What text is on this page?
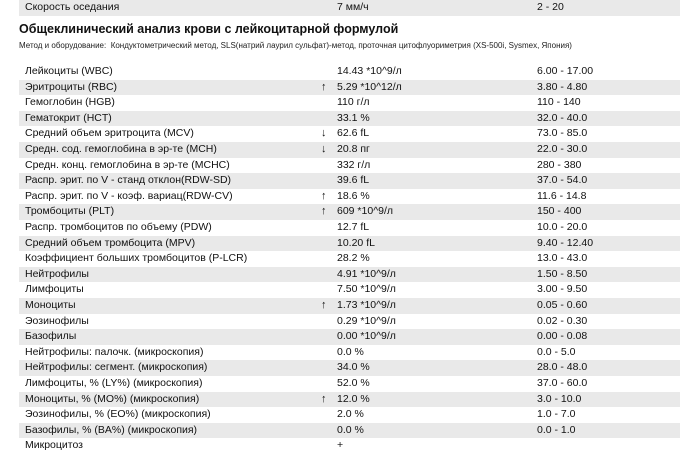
Скорость оседания	7 мм/ч	2 - 20
Общеклинический анализ крови с лейкоцитарной формулой
Метод и оборудование: Кондуктометрический метод, SLS(натрий лаурил сульфат)-метод, проточная цитофлуориметрия (XS-500i, Sysmex, Япония)
Лейкоциты (WBC)	14.43 *10^9/л	6.00 - 17.00
Эритроциты (RBC)	↑ 5.29 *10^12/л	3.80 - 4.80
Гемоглобин (HGB)	110 г/л	110 - 140
Гематокрит (HCT)	33.1 %	32.0 - 40.0
Средний объем эритроцита (MCV)	↓ 62.6 fL	73.0 - 85.0
Средн. сод. гемоглобина в эр-те (MCH)	↓ 20.8 пг	22.0 - 30.0
Средн. конц. гемоглобина в эр-те (MCHC)	332 г/л	280 - 380
Распр. эрит. по V - станд отклон(RDW-SD)	39.6 fL	37.0 - 54.0
Распр. эрит. по V - коэф. вариац(RDW-CV)	↑ 18.6 %	11.6 - 14.8
Тромбоциты (PLT)	↑ 609 *10^9/л	150 - 400
Распр. тромбоцитов по объему (PDW)	12.7 fL	10.0 - 20.0
Средний объем тромбоцита (MPV)	10.20 fL	9.40 - 12.40
Коэффициент больших тромбоцитов (P-LCR)	28.2 %	13.0 - 43.0
Нейтрофилы	4.91 *10^9/л	1.50 - 8.50
Лимфоциты	7.50 *10^9/л	3.00 - 9.50
Моноциты	↑ 1.73 *10^9/л	0.05 - 0.60
Эозинофилы	0.29 *10^9/л	0.02 - 0.30
Базофилы	0.00 *10^9/л	0.00 - 0.08
Нейтрофилы: палочк. (микроскопия)	0.0 %	0.0 - 5.0
Нейтрофилы: сегмент. (микроскопия)	34.0 %	28.0 - 48.0
Лимфоциты, % (LY%) (микроскопия)	52.0 %	37.0 - 60.0
Моноциты, % (MO%) (микроскопия)	↑ 12.0 %	3.0 - 10.0
Эозинофилы, % (EO%) (микроскопия)	2.0 %	1.0 - 7.0
Базофилы, % (BA%) (микроскопия)	0.0 %	0.0 - 1.0
Микроцитоз	+
